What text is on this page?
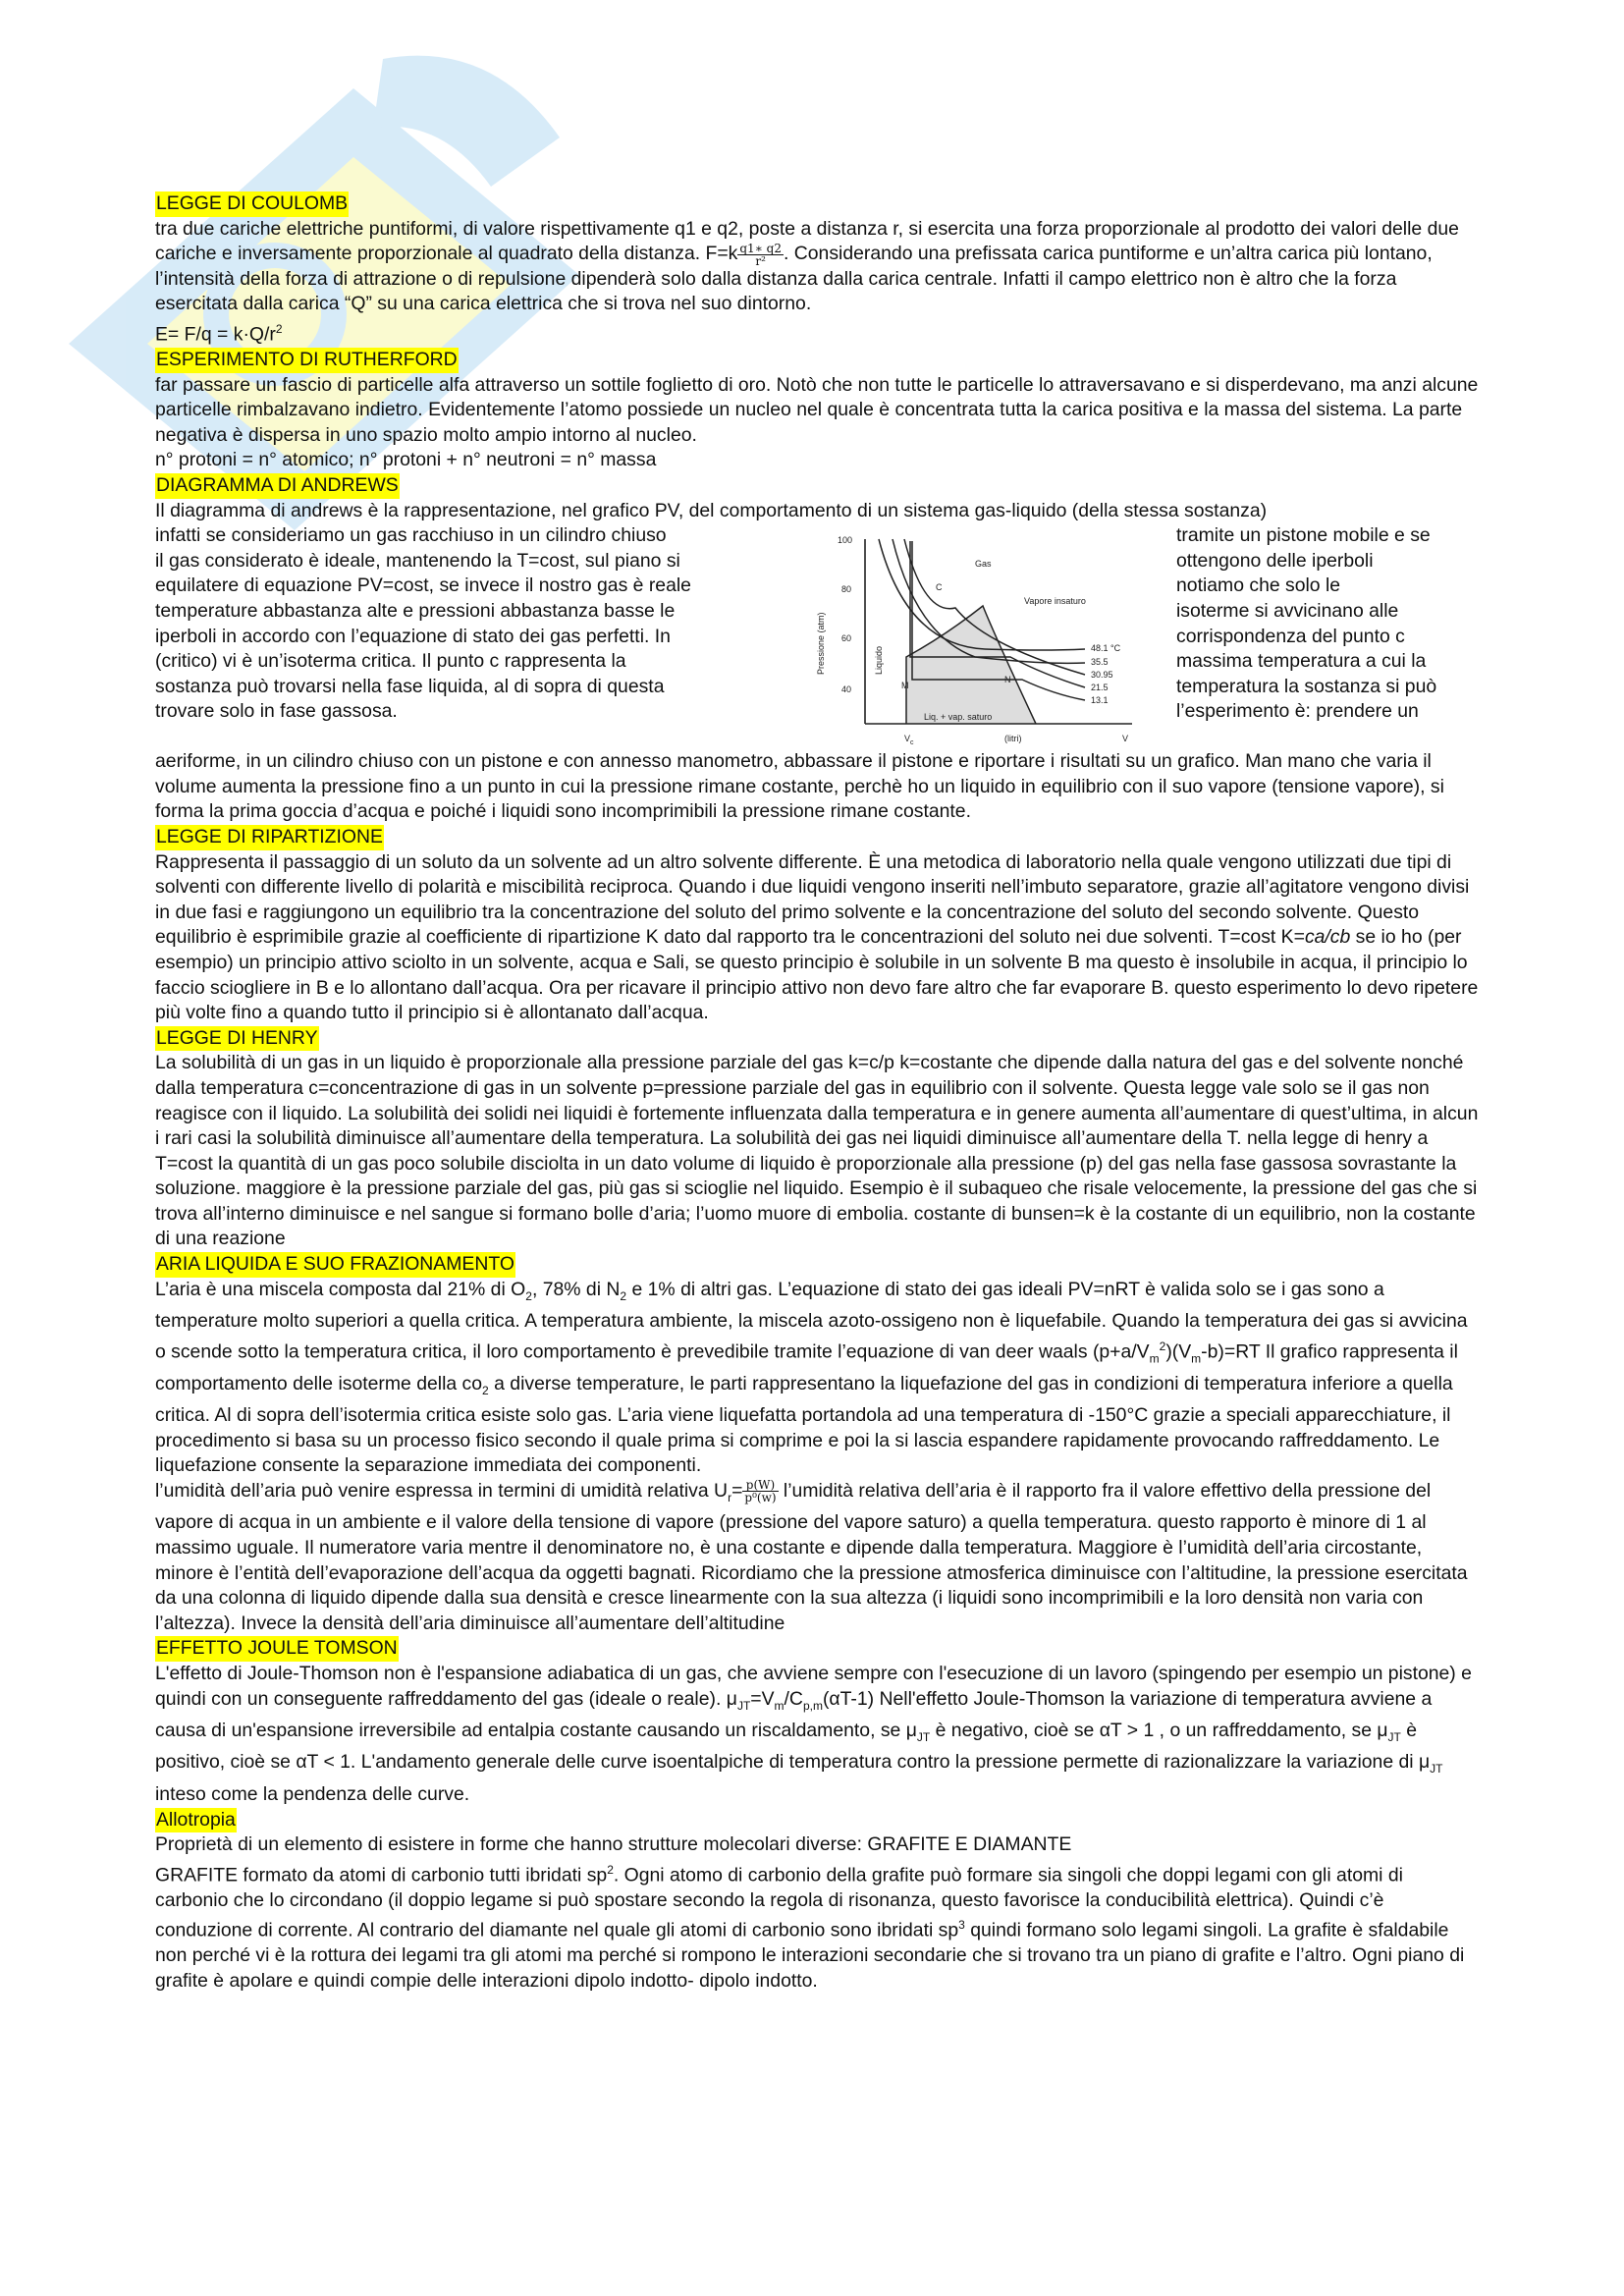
LEGGE DI COULOMB

tra due cariche elettriche puntiformi, di valore rispettivamente q1 e q2, poste a distanza r, si esercita una forza proporzionale al prodotto dei valori delle due cariche e inversamente proporzionale al quadrato della distanza. $F=k \frac{q1∗ q2}{\text{r²}}$ . Considerando una prefissata carica puntiforme e un’altra carica più lontano, l’intensità della forza di attrazione o di repulsione dipenderà solo dalla distanza dalla carica centrale. Infatti il campo elettrico non è altro che la forza esercitata dalla carica “Q” su una carica elettrica che si trova nel suo dintorno.

$E= F/q = k\cdot Q/r^2$

ESPERIMENTO DI RUTHERFORD

far passare un fascio di particelle alfa attraverso un sottile foglietto di oro. Notò che non tutte le particelle lo attraversavano e si disperdevano, ma anzi alcune particelle rimbalzavano indietro. Evidentemente l’atomo possiede un nucleo nel quale è concentrata tutta la carica positiva e la massa del sistema. La parte negativa è dispersa in uno spazio molto ampio intorno al nucleo.

n° protoni = n° atomico; n° protoni + n° neutroni = n° massa

DIAGRAMMA DI ANDREWS

Il diagramma di andrews è la rappresentazione, nel grafico PV, del comportamento di un sistema gas-liquido (della stessa sostanza)

infatti se consideriamo un gas racchiuso in un cilindro chiuso
il gas considerato è ideale, mantenendo la T=cost, sul piano si
equilatere di equazione PV=cost, se invece il nostro gas è reale
temperature abbastanza alte e pressioni abbastanza basse le
iperboli in accordo con l’equazione di stato dei gas perfetti. In
(critico) vi è un’isoterma critica. Il punto c rappresenta la
sostanza può trovarsi nella fase liquida, al di sopra di questa
trovare solo in fase gassosa.
100
80
60
40
Pressione (atm)	Liquido
Gas
Vapore insaturo
C
M
N
Liq. + vap. saturo
(litri)	V
$V_c$
48.1 °C
35.5
30.95
21.5
13.1
tramite un pistone mobile e se
ottengono delle iperboli
notiamo che solo le
isoterme si avvicinano alle
corrispondenza del punto c
massima temperatura a cui la
temperatura la sostanza si può
l’esperimento è: prendere un

aeriforme, in un cilindro chiuso con un pistone e con annesso manometro, abbassare il pistone e riportare i risultati su un grafico. Man mano che varia il volume aumenta la pressione fino a un punto in cui la pressione rimane costante, perchè ho un liquido in equilibrio con il suo vapore (tensione vapore), si forma la prima goccia d’acqua e poiché i liquidi sono incomprimibili la pressione rimane costante.

LEGGE DI RIPARTIZIONE

Rappresenta il passaggio di un soluto da un solvente ad un altro solvente differente. È una metodica di laboratorio nella quale vengono utilizzati due tipi di solventi con differente livello di polarità e miscibilità reciproca. Quando i due liquidi vengono inseriti nell’imbuto separatore, grazie all’agitatore vengono divisi in due fasi e raggiungono un equilibrio tra la concentrazione del soluto del primo solvente e la concentrazione del soluto del secondo solvente. Questo equilibrio è esprimibile grazie al coefficiente di ripartizione K dato dal rapporto tra le concentrazioni del soluto nei due solventi. T=cost K=ca/cb se io ho (per esempio) un principio attivo sciolto in un solvente, acqua e Sali, se questo principio è solubile in un solvente B ma questo è insolubile in acqua, il principio lo faccio sciogliere in B e lo allontano dall’acqua. Ora per ricavare il principio attivo non devo fare altro che far evaporare B. questo esperimento lo devo ripetere più volte fino a quando tutto il principio si è allontanato dall’acqua.

LEGGE DI HENRY

La solubilità di un gas in un liquido è proporzionale alla pressione parziale del gas k=c/p k=costante che dipende dalla natura del gas e del solvente nonché dalla temperatura c=concentrazione di gas in un solvente p=pressione parziale del gas in equilibrio con il solvente. Questa legge vale solo se il gas non reagisce con il liquido. La solubilità dei solidi nei liquidi è fortemente influenzata dalla temperatura e in genere aumenta all’aumentare di quest’ultima, in alcun i rari casi la solubilità diminuisce all’aumentare della temperatura. La solubilità dei gas nei liquidi diminuisce all’aumentare della T. nella legge di henry a T=cost la quantità di un gas poco solubile disciolta in un dato volume di liquido è proporzionale alla pressione (p) del gas nella fase gassosa sovrastante la soluzione. maggiore è la pressione parziale del gas, più gas si scioglie nel liquido. Esempio è il subaqueo che risale velocemente, la pressione del gas che si trova all’interno diminuisce e nel sangue si formano bolle d’aria; l’uomo muore di embolia. costante di bunsen=k è la costante di un equilibrio, non la costante di una reazione

ARIA LIQUIDA E SUO FRAZIONAMENTO

L’aria è una miscela composta dal 21% di $O_2$, 78% di $N_2$ e 1% di altri gas. L’equazione di stato dei gas ideali PV=nRT è valida solo se i gas sono a temperature molto superiori a quella critica. A temperatura ambiente, la miscela azoto-ossigeno non è liquefabile. Quando la temperatura dei gas si avvicina o scende sotto la temperatura critica, il loro comportamento è prevedibile tramite l’equazione di van deer waals $(p+a/V_m^2)(V_m-b)=RT$ Il grafico rappresenta il comportamento delle isoterme della $co_2$ a diverse temperature, le parti rappresentano la liquefazione del gas in condizioni di temperatura inferiore a quella critica. Al di sopra dell’isotermia critica esiste solo gas. L’aria viene liquefatta portandola ad una temperatura di -150°C grazie a speciali apparecchiature, il procedimento si basa su un processo fisico secondo il quale prima si comprime e poi la si lascia espandere rapidamente provocando raffreddamento. Le liquefazione consente la separazione immediata dei componenti.

l’umidità dell’aria può venire espressa in termini di umidità relativa $U_r= \frac{p(W)}{\text{p⁰(w)}}$ l’umidità relativa dell’aria è il rapporto fra il valore effettivo della pressione del vapore di acqua in un ambiente e il valore della tensione di vapore (pressione del vapore saturo) a quella temperatura. questo rapporto è minore di 1 al massimo uguale. Il numeratore varia mentre il denominatore no, è una costante e dipende dalla temperatura. Maggiore è l’umidità dell’aria circostante, minore è l’entità dell’evaporazione dell’acqua da oggetti bagnati. Ricordiamo che la pressione atmosferica diminuisce con l’altitudine, la pressione esercitata da una colonna di liquido dipende dalla sua densità e cresce linearmente con la sua altezza (i liquidi sono incomprimibili e la loro densità non varia con l’altezza). Invece la densità dell’aria diminuisce all’aumentare dell’altitudine

EFFETTO JOULE TOMSON

L'effetto di Joule-Thomson non è l'espansione adiabatica di un gas, che avviene sempre con l'esecuzione di un lavoro (spingendo per esempio un pistone) e quindi con un conseguente raffreddamento del gas (ideale o reale). $\mu_{JT}=V_m/C_{p,m}(\alpha T-1)$ Nell'effetto Joule-Thomson la variazione di temperatura avviene a causa di un'espansione irreversibile ad entalpia costante causando un riscaldamento, se $\mu_{JT}$ è negativo, cioè se αT > 1 , o un raffreddamento, se $\mu_{JT}$ è positivo, cioè se αT < 1. L'andamento generale delle curve isoentalpiche di temperatura contro la pressione permette di razionalizzare la variazione di $\mu_{JT}$ inteso come la pendenza delle curve.

Allotropia

Proprietà di un elemento di esistere in forme che hanno strutture molecolari diverse: GRAFITE E DIAMANTE

GRAFITE formato da atomi di carbonio tutti ibridati $sp^2$. Ogni atomo di carbonio della grafite può formare sia singoli che doppi legami con gli atomi di carbonio che lo circondano (il doppio legame si può spostare secondo la regola di risonanza, questo favorisce la conducibilità elettrica). Quindi c’è conduzione di corrente. Al contrario del diamante nel quale gli atomi di carbonio sono ibridati $sp^3$ quindi formano solo legami singoli. La grafite è sfaldabile non perché vi è la rottura dei legami tra gli atomi ma perché si rompono le interazioni secondarie che si trovano tra un piano di grafite e l’altro. Ogni piano di grafite è apolare e quindi compie delle interazioni dipolo indotto- dipolo indotto.
